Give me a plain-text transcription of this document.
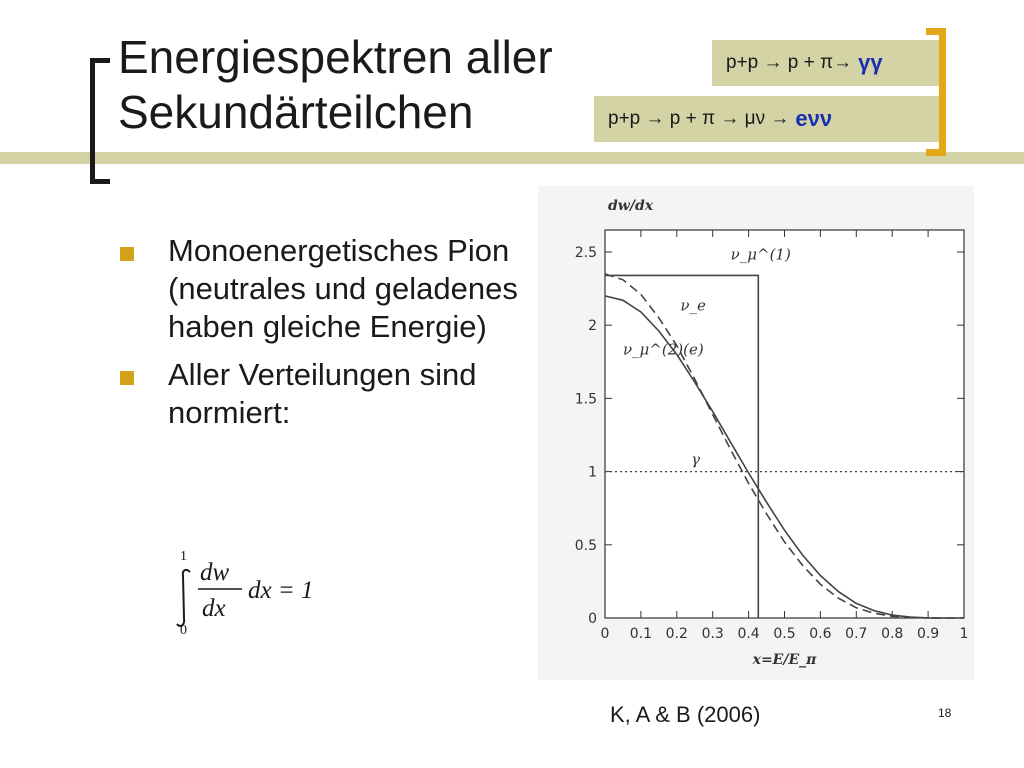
Energiespektren aller
Sekundärteilchen
p+p → p + π→ γγ
p+p → p + π → μν → eνν
Monoenergetisches Pion (neutrales und geladenes haben gleiche Energie)
Aller Verteilungen sind normiert:
1
0
dw
dx
dx = 1
0 0.1 0.2 0.3 0.4 0.5 0.6 0.7 0.8 0.9 1
0
0.5
1
1.5
2
2.5	ν_μ^(1)
ν_e
ν_μ^(2)(e)
γ
x=E/E_π
dw/dx
K, A & B (2006)	18
